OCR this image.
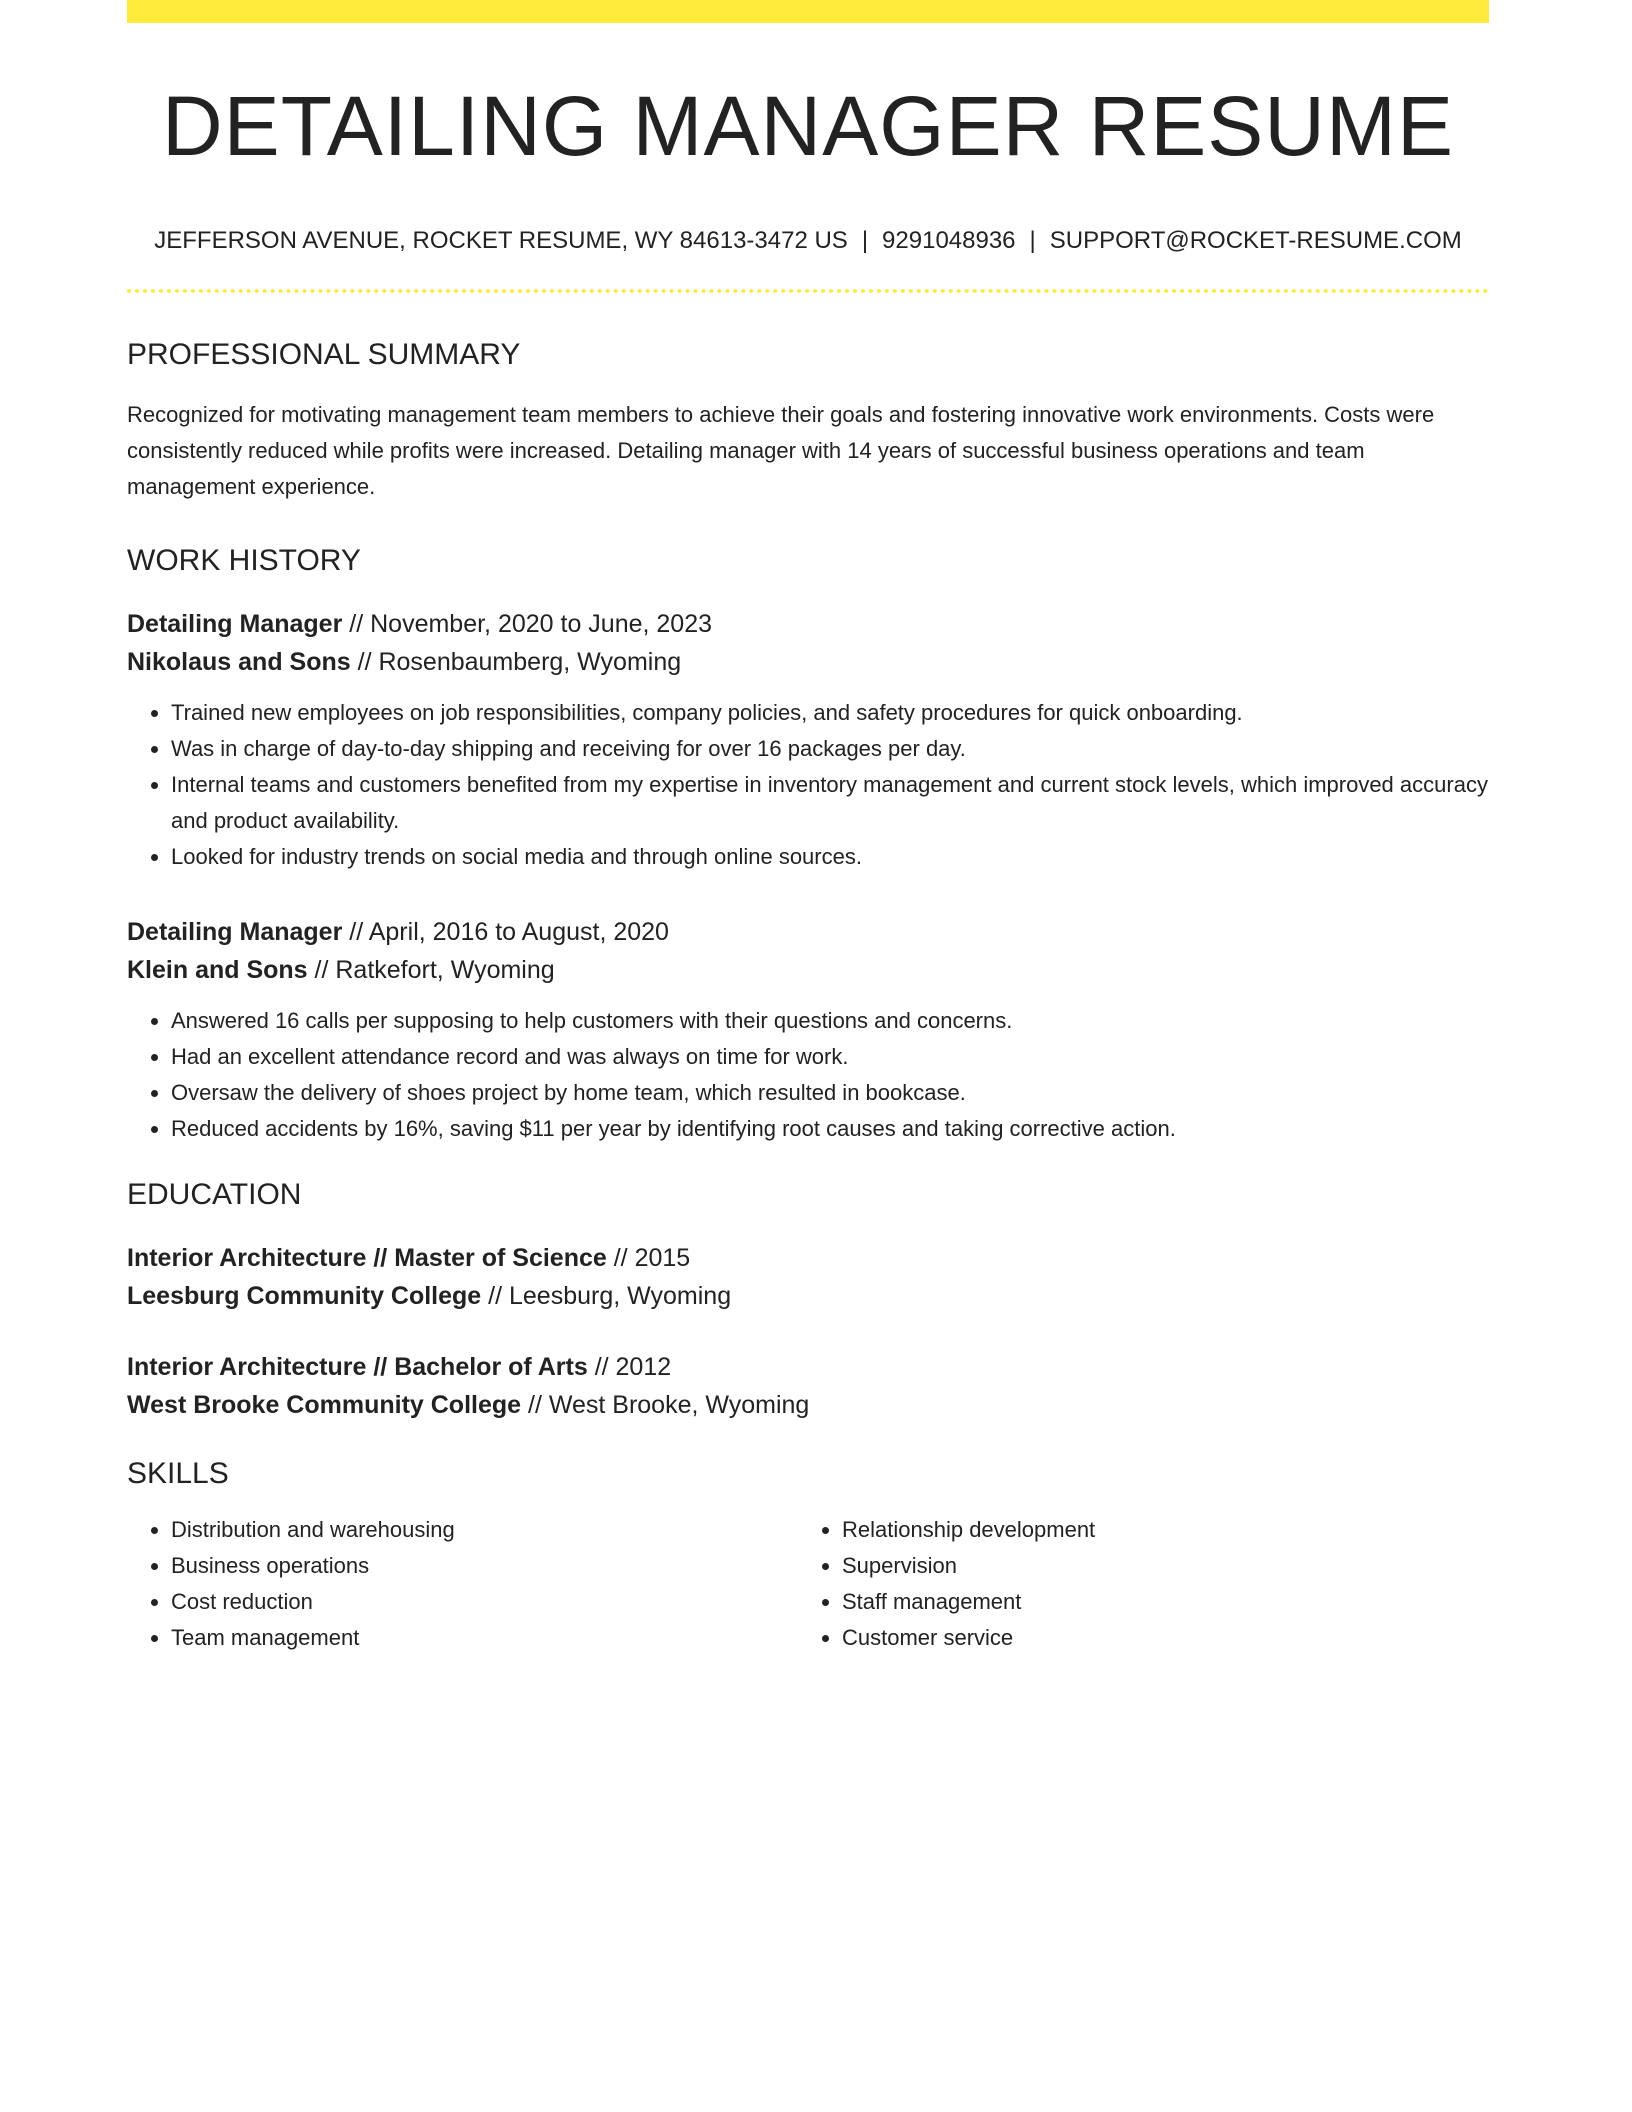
DETAILING MANAGER RESUME
JEFFERSON AVENUE, ROCKET RESUME, WY 84613-3472 US | 9291048936 | SUPPORT@ROCKET-RESUME.COM
PROFESSIONAL SUMMARY
Recognized for motivating management team members to achieve their goals and fostering innovative work environments. Costs were consistently reduced while profits were increased. Detailing manager with 14 years of successful business operations and team management experience.
WORK HISTORY
Detailing Manager // November, 2020 to June, 2023
Nikolaus and Sons // Rosenbaumberg, Wyoming
• Trained new employees on job responsibilities, company policies, and safety procedures for quick onboarding.
• Was in charge of day-to-day shipping and receiving for over 16 packages per day.
• Internal teams and customers benefited from my expertise in inventory management and current stock levels, which improved accuracy and product availability.
• Looked for industry trends on social media and through online sources.
Detailing Manager // April, 2016 to August, 2020
Klein and Sons // Ratkefort, Wyoming
• Answered 16 calls per supposing to help customers with their questions and concerns.
• Had an excellent attendance record and was always on time for work.
• Oversaw the delivery of shoes project by home team, which resulted in bookcase.
• Reduced accidents by 16%, saving $11 per year by identifying root causes and taking corrective action.
EDUCATION
Interior Architecture // Master of Science // 2015
Leesburg Community College // Leesburg, Wyoming
Interior Architecture // Bachelor of Arts // 2012
West Brooke Community College // West Brooke, Wyoming
SKILLS
• Distribution and warehousing
• Business operations
• Cost reduction
• Team management
• Relationship development
• Supervision
• Staff management
• Customer service
